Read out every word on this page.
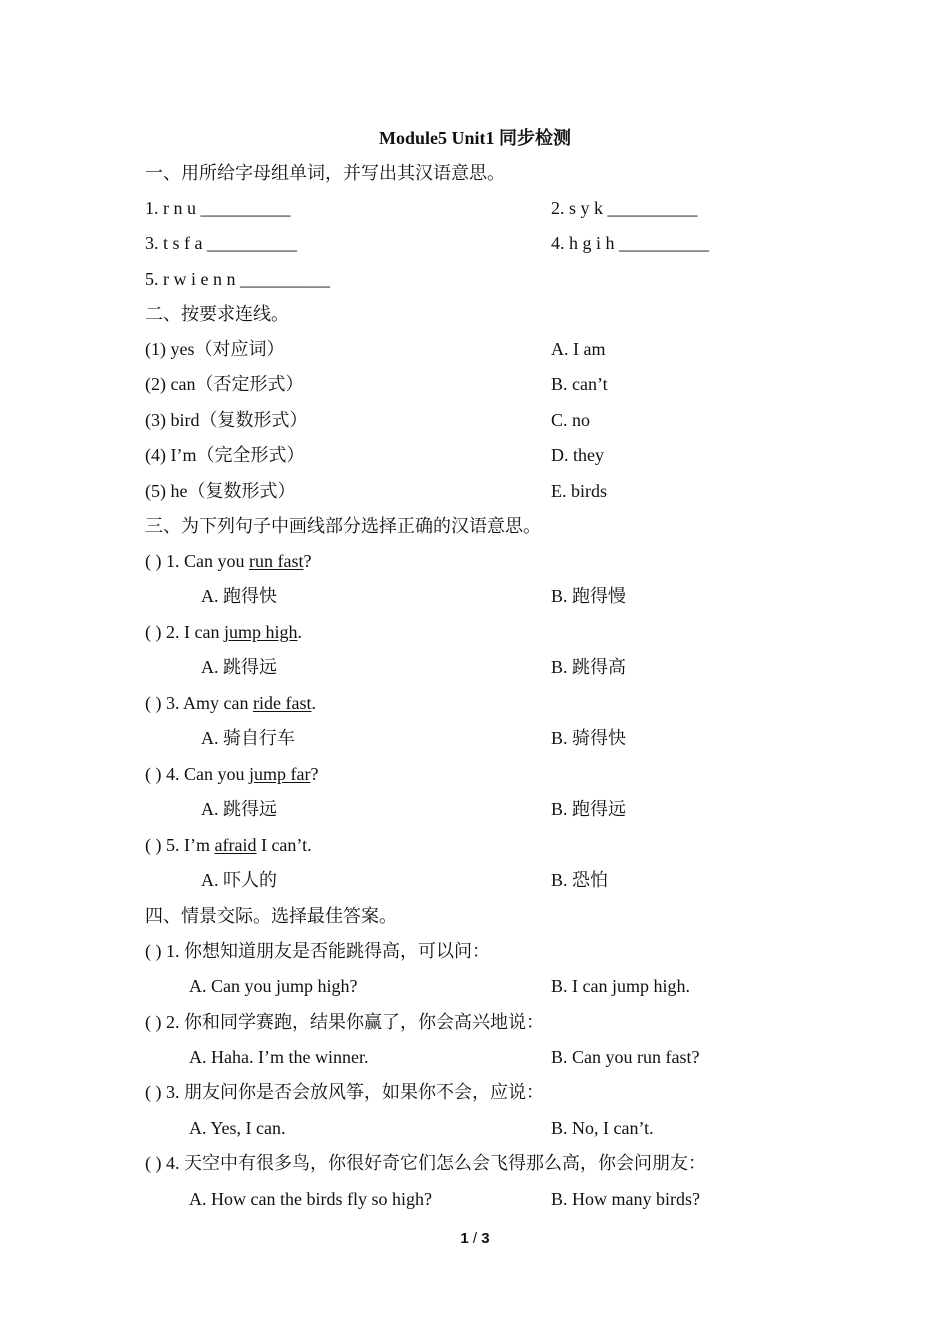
Module5 Unit1 同步检测
一、用所给字母组单词，并写出其汉语意思。
1. r n u __________	2. s y k __________
3. t s f a __________	4. h g i h __________
5. r w i e n n __________
二、按要求连线。
(1) yes（对应词）	A. I am
(2) can（否定形式）	B. can’t
(3) bird（复数形式）	C. no
(4) I’m（完全形式）	D. they
(5) he（复数形式）	E. birds
三、为下列句子中画线部分选择正确的汉语意思。
( ) 1. Can you run fast?
A. 跑得快	B. 跑得慢
( ) 2. I can jump high.
A. 跳得远	B. 跳得高
( ) 3. Amy can ride fast.
A. 骑自行车	B. 骑得快
( ) 4. Can you jump far?
A. 跳得远	B. 跑得远
( ) 5. I’m afraid I can’t.
A. 吓人的	B. 恐怕
四、情景交际。选择最佳答案。
( ) 1. 你想知道朋友是否能跳得高，可以问：
A. Can you jump high?	B. I can jump high.
( ) 2. 你和同学赛跑，结果你赢了，你会高兴地说：
A. Haha. I’m the winner.	B. Can you run fast?
( ) 3. 朋友问你是否会放风筝，如果你不会，应说：
A. Yes, I can.	B. No, I can’t.
( ) 4. 天空中有很多鸟，你很好奇它们怎么会飞得那么高，你会问朋友：
A. How can the birds fly so high?	B. How many birds?
1 / 3
